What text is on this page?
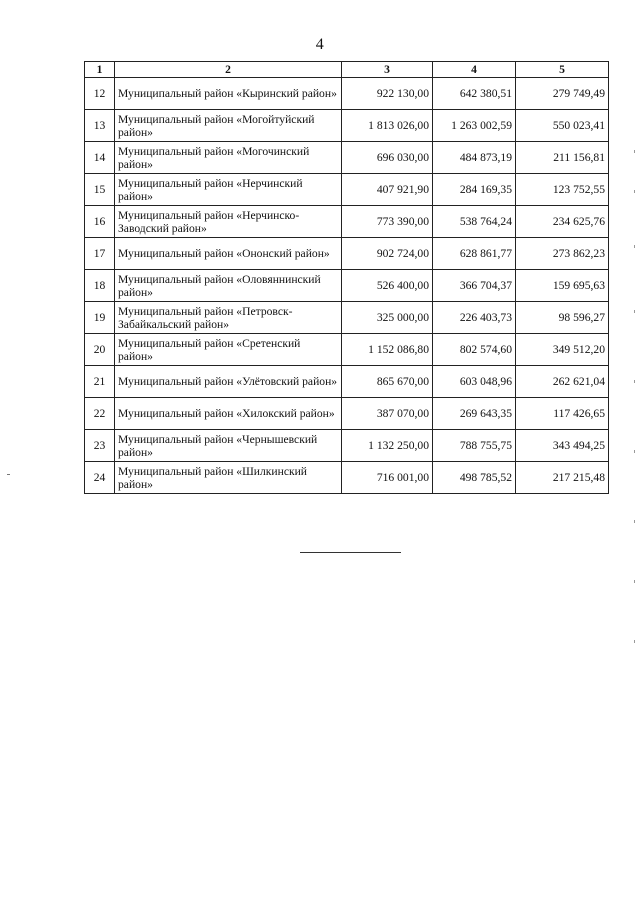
4
1	2	3	4	5
12	Муниципальный район «Кыринский район»	922 130,00	642 380,51	279 749,49
13	Муниципальный район «Могойтуйский район»	1 813 026,00	1 263 002,59	550 023,41
14	Муниципальный район «Могочинский район»	696 030,00	484 873,19	211 156,81
15	Муниципальный район «Нерчинский район»	407 921,90	284 169,35	123 752,55
16	Муниципальный район «Нерчинско-Заводский район»	773 390,00	538 764,24	234 625,76
17	Муниципальный район «Ононский район»	902 724,00	628 861,77	273 862,23
18	Муниципальный район «Оловяннинский район»	526 400,00	366 704,37	159 695,63
19	Муниципальный район «Петровск-Забайкальский район»	325 000,00	226 403,73	98 596,27
20	Муниципальный район «Сретенский район»	1 152 086,80	802 574,60	349 512,20
21	Муниципальный район «Улётовский район»	865 670,00	603 048,96	262 621,04
22	Муниципальный район «Хилокский район»	387 070,00	269 643,35	117 426,65
23	Муниципальный район «Чернышевский район»	1 132 250,00	788 755,75	343 494,25
24	Муниципальный район «Шилкинский район»	716 001,00	498 785,52	217 215,48
